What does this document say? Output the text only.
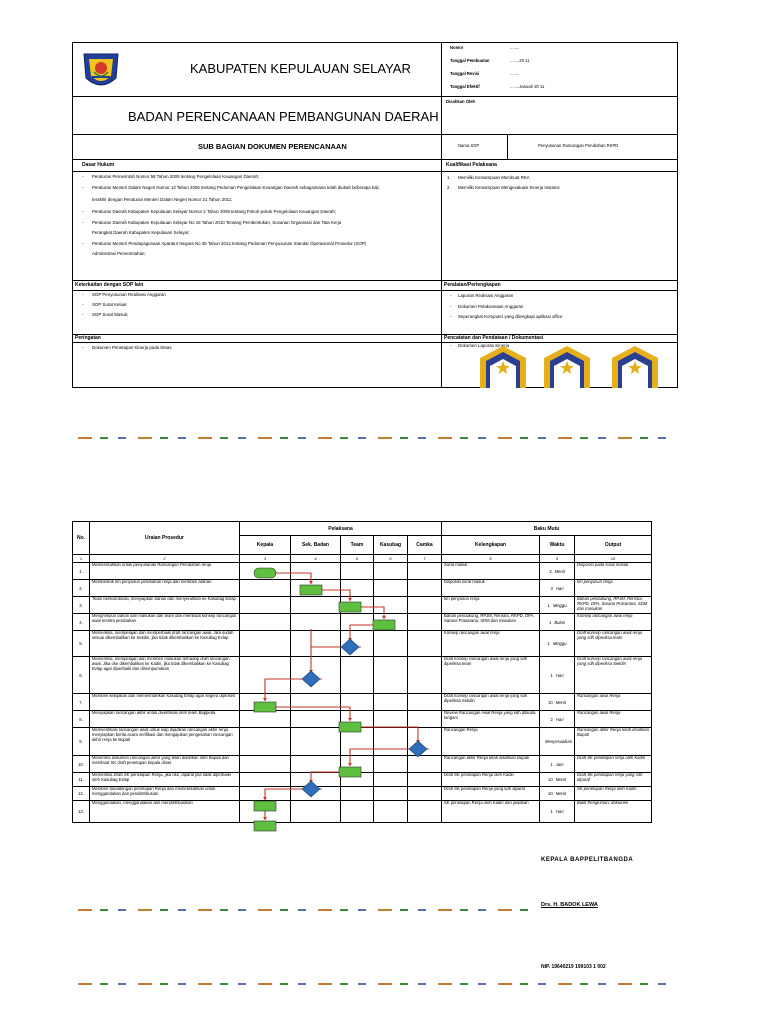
KABUPATEN KEPULAUAN SELAYAR
BADAN PERENCANAAN PEMBANGUNAN DAERAH
SUB BAGIAN DOKUMEN PERENCANAAN
Nomor	........
Tanggal Pembuatan	........20 11
Tanggal Revisi	........
Tanggal Efektif	........Januari 20 11
Disahkan Oleh
Nama SOP	Penyusunan Rancangan Perubahan RKPD
Dasar Hukum
- Peraturan Pemerintah Nomor 58 Tahun 2005 tentang Pengelolaan Keuangan Daerah;
- Peraturan Menteri Dalam Negeri Nomor 13 Tahun 2006 tentang Pedoman Pengelolaan Keuangan Daerah sebagaimana telah diubah beberapa kali,
terakhir dengan Peraturan Menteri Dalam Negeri Nomor 21 Tahun 2011;
- Peraturan Daerah Kabupaten Kepulauan Selayar Nomor 2 Tahun 2009 tentang Pokok-pokok Pengelolaan Keuangan Daerah;
- Peraturan Daerah Kabupaten Kepulauan Selayar No 16 Tahun 2010 Tentang Pembentukan, Susunan Organisasi dan Tata Kerja
Perangkat Daerah Kabupaten Kepulauan Selayar;
- Peraturan Menteri Pendayagunaan Aparatur Negara No 35 Tahun 2012 tentang Pedoman Penyusunan Standar Operasional Prosedur (SOP)
Administrasi Pemerintahan;
Kualifikasi Pelaksana
1. Memiliki Kemampuan Membuat RKA
2. Memiliki Kemampuan Mengevaluasi Kinerja Instansi
Keterkaitan dengan SOP lain
- SOP Penyusunan Realisasi Anggaran
- SOP Surat Keluar
- SOP Surat Masuk;
Peralatan/Perlengkapan
- Laporan Realisasi Anggaran
- Dokumen Pelaksanaan Anggaran
- Seperangkat Komputer yang dilengkapi aplikasi office
Peringatan
- Dokumen Penetapan Kinerja pada Dinas
Pencatatan dan Pendataan / Dokumentasi
- Dokumen Laporan Kinerja
No.	Uraian Prosedur	Pelaksana					Baku Mutu		
		Kepala	Sek. Badan	Team	Kasubag	Camka	Kelengkapan	Waktu	Output
1	2	3	4	5	6	7	8	9	10
1.	Memerintahkan untuk penyusunan Rancangan Perubahan renja						Surat masuk	3 Menit	Disposisi pada surat masuk
2.	Membentuk tim penyusun perubahan renja dan memberi arahan						Disposisi surat masuk	3 Hari	tim penyusun renja
3.	Team berkoordinasi, menyiapkan bahan dan menyerahkan ke Kasubag Evlap						tim penyusun renja	1 Minggu	Bahan pendukung, RPJM, Renstra, RKPD, DPA, Sarana Prasarana, SDM dan masukan
4.	Menghimpun bahan dan masukan dari team dan membuat konsep rancangan awal renstra perubahan						Bahan pendukung, RPJM, Renstra, RKPD, DPA, Sarana Prasarana, SDM dan masukan	1 Bulan	Konsep rancangan awal renja
5.	Memeriksa, mempelajari dan memperbaiki draft rancangan awal. Jika sudah sesuai dikembalikan ke Sekdin, jika tidak dikembalikan ke Kasubag Evlap						Konsep rancangan awal renja	1 Minggu	Draft konsep rancangan awal renja yang sdh diperiksa team
6.	Memeriksa, mempelajari dan memberi masukan terhadap draft rancangan awal. Jika oke dikembalikan ke Kadin, jika tidak dikembalikan ke Kasubag Evlap agar diperbaiki dan disempurnakan						Draft konsep rancangan awal renja yang sdh diperiksa team	1 Hari	Draft konsep rancangan awal renja yang sdh diperiksa Sekdin
7.	Memberi kebijakan dan memerintahkan Kasubag Evlap agar segera diproses						Draft konsep rancangan awal renja yang sdh diperiksa Sekdin	10 Menit	Rancangan awal Renja
8.	Menyiapkan rancangan akhir untuk diverifikasi oleh team Bappeda						Review Rancangan Awal Renja yang sdh ditanda tangani	2 Hari	Rancangan awal Renja
9.	Memverifikasi rancangan awal untuk siap dijadikan rancangan akhir renja menyiapkan berita acara verifikasi dan mengajukan pengesahan rancangan akhir renja ke Bupati						Rancangan Renja	Menyesuaikan	Rancangan akhir Renja telah disahkan Bupati
10.	Menerima dokumen rancangan akhir yang telah disahkan oleh Bupati dan membuat SK draft penetapan kepala dinas						Rancangan akhir Renja telah disahkan Bupati	1 Jam	Draft SK penetapan renja oleh Kadin
11.	Memeriksa Draft SK penetapan Renja, jika oke, diparaf jika tidak diperbaiki oleh Kasubag Evlap						Draft SK penetapan Renja oleh Kadin	10 Menit	Draft SK penetapan renja yang sdh diparaf
12.	Memberi tandatangan penetapan Renja dan memerintahkan untuk menggandakan dan pendistribusian						Draft SK penetapan Renja yang sdh diparaf	10 Menit	SK penetapan Renja oleh Kadin
13.	Menggandakan, menggandakan dan mendistribusikan						SK penetapan Renja oleh Kadin dan jawaban	1 Hari	Bukti Pengiriman; dokumen
KEPALA BAPPELITBANGDA
Drs. H. BADOK LEWA
NIP. 19640219 199103 1 002
